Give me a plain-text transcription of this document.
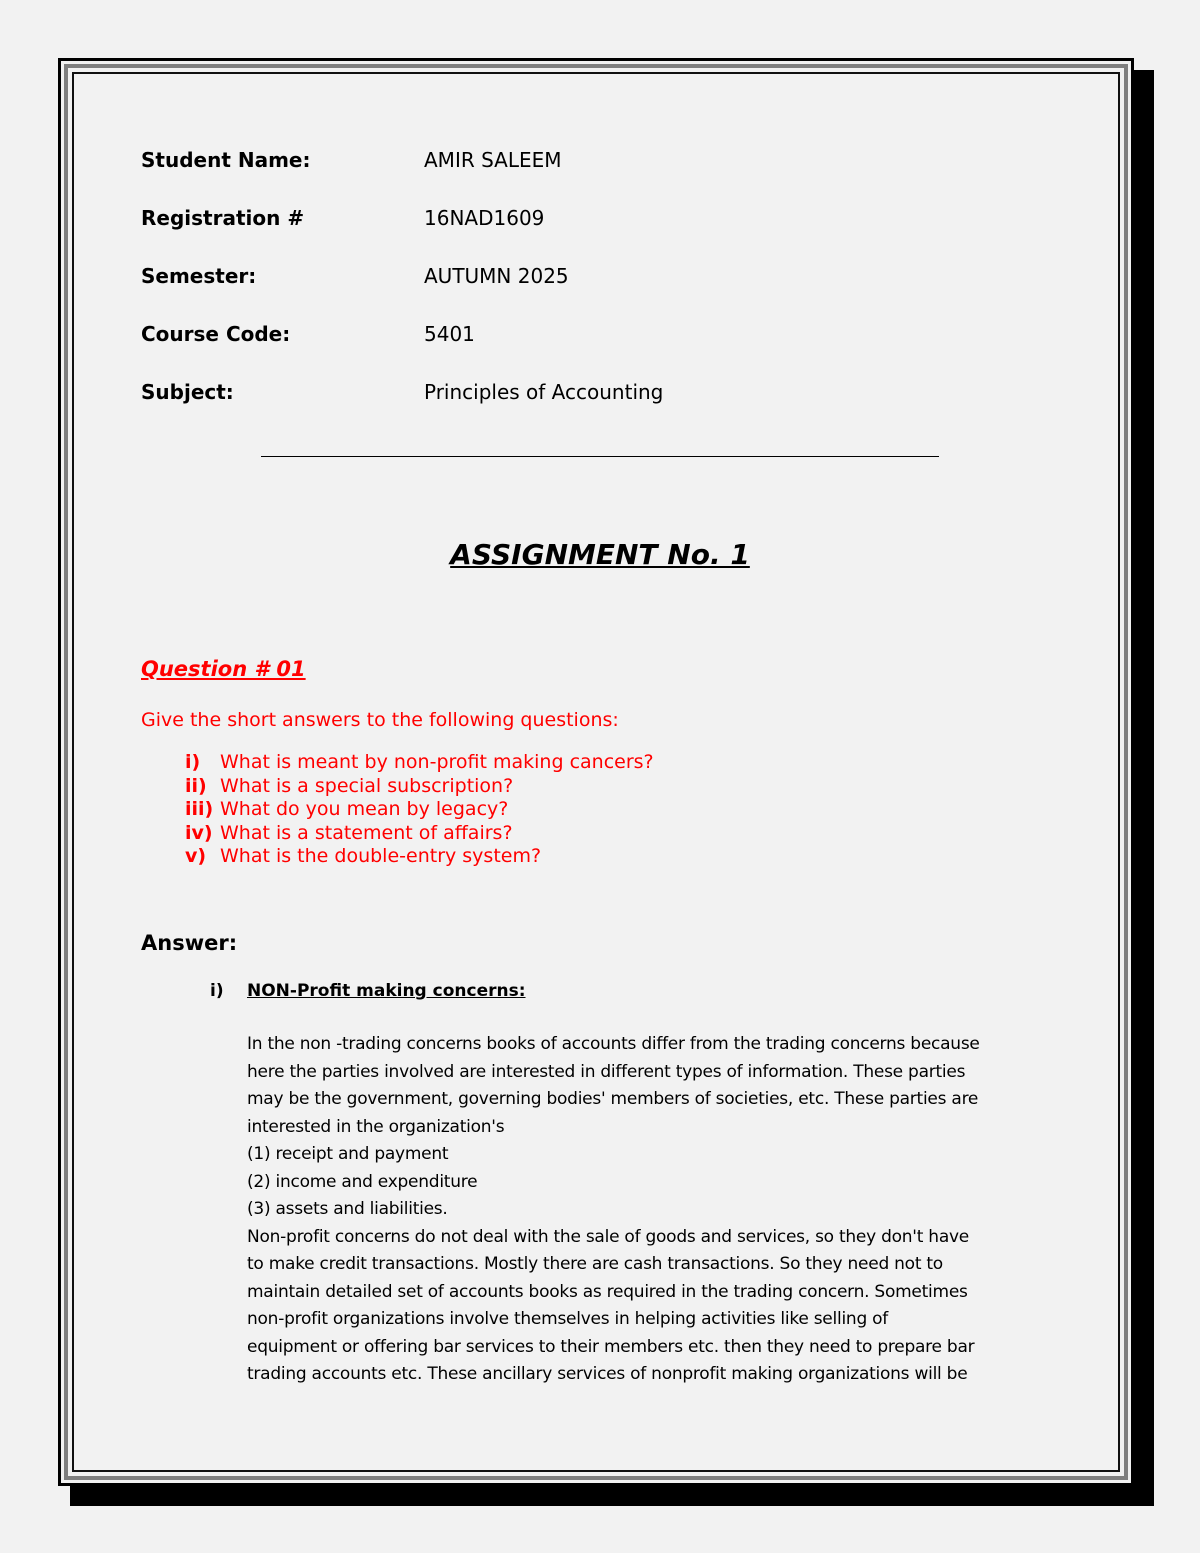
Student Name:	AMIR SALEEM
Registration #	16NAD1609
Semester:	AUTUMN 2025
Course Code:	5401
Subject:	Principles of Accounting
ASSIGNMENT No. 1
Question # 01
Give the short answers to the following questions:
i) What is meant by non-profit making cancers?
ii) What is a special subscription?
iii) What do you mean by legacy?
iv) What is a statement of affairs?
v) What is the double-entry system?
Answer:
i) NON-Profit making concerns:
In the non -trading concerns books of accounts differ from the trading concerns because
here the parties involved are interested in different types of information. These parties
may be the government, governing bodies' members of societies, etc. These parties are
interested in the organization's
(1) receipt and payment
(2) income and expenditure
(3) assets and liabilities.
Non-profit concerns do not deal with the sale of goods and services, so they don't have
to make credit transactions. Mostly there are cash transactions. So they need not to
maintain detailed set of accounts books as required in the trading concern. Sometimes
non-profit organizations involve themselves in helping activities like selling of
equipment or offering bar services to their members etc. then they need to prepare bar
trading accounts etc. These ancillary services of nonprofit making organizations will be
